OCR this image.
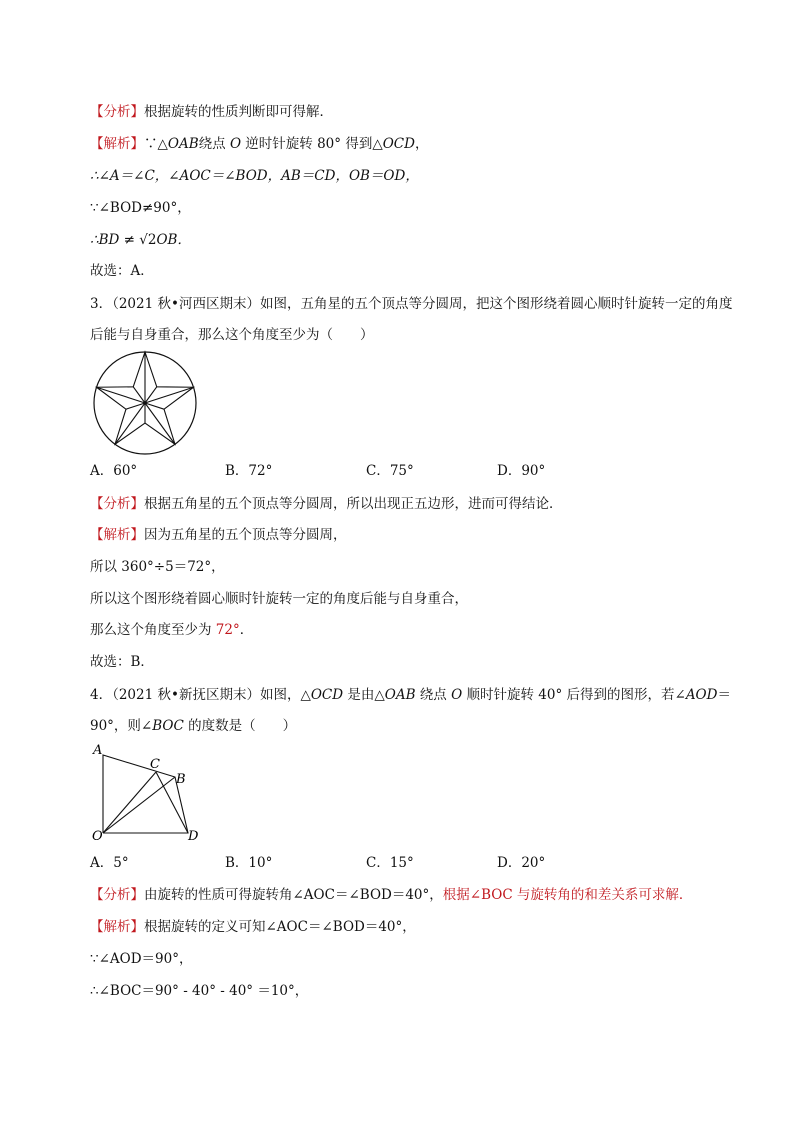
【分析】根据旋转的性质判断即可得解．
【解析】∵△OAB绕点 O 逆时针旋转 80° 得到△OCD，
∴∠A＝∠C，∠AOC＝∠BOD，AB＝CD，OB＝OD，
∵∠BOD≠90°，
∴BD ≠ √2OB．
故选：A．
3．（2021 秋•河西区期末）如图，五角星的五个顶点等分圆周，把这个图形绕着圆心顺时针旋转一定的角度
后能与自身重合，那么这个角度至少为（　　）
A．60°	B．72°	C．75°	D．90°
【分析】根据五角星的五个顶点等分圆周，所以出现正五边形，进而可得结论．
【解析】因为五角星的五个顶点等分圆周，
所以 360°÷5＝72°，
所以这个图形绕着圆心顺时针旋转一定的角度后能与自身重合，
那么这个角度至少为 72°．
故选：B．
4．（2021 秋•新抚区期末）如图，△OCD 是由△OAB 绕点 O 顺时针旋转 40° 后得到的图形，若∠AOD＝
90°，则∠BOC 的度数是（　　）
A
C
B
O	D
A．5°	B．10°	C．15°	D．20°
【分析】由旋转的性质可得旋转角∠AOC＝∠BOD＝40°，根据∠BOC 与旋转角的和差关系可求解．
【解析】根据旋转的定义可知∠AOC＝∠BOD＝40°，
∵∠AOD＝90°，
∴∠BOC＝90° - 40° - 40° ＝10°，
